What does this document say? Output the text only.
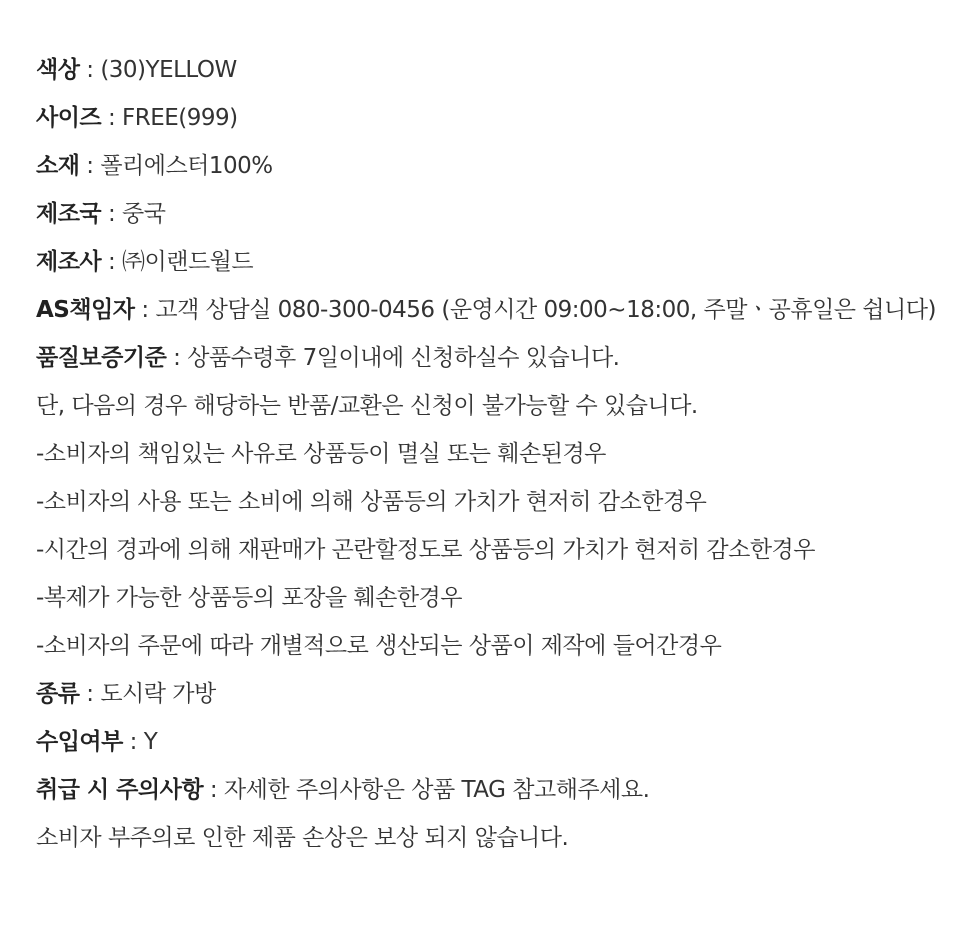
색상 : (30)YELLOW
사이즈 : FREE(999)
소재 : 폴리에스터100%
제조국 : 중국
제조사 : ㈜이랜드월드
AS책임자 : 고객 상담실 080-300-0456 (운영시간 09:00~18:00, 주말ㆍ공휴일은 쉽니다)
품질보증기준 : 상품수령후 7일이내에 신청하실수 있습니다.
단, 다음의 경우 해당하는 반품/교환은 신청이 불가능할 수 있습니다.
-소비자의 책임있는 사유로 상품등이 멸실 또는 훼손된경우
-소비자의 사용 또는 소비에 의해 상품등의 가치가 현저히 감소한경우
-시간의 경과에 의해 재판매가 곤란할정도로 상품등의 가치가 현저히 감소한경우
-복제가 가능한 상품등의 포장을 훼손한경우
-소비자의 주문에 따라 개별적으로 생산되는 상품이 제작에 들어간경우
종류 : 도시락 가방
수입여부 : Y
취급 시 주의사항 : 자세한 주의사항은 상품 TAG 참고해주세요.
소비자 부주의로 인한 제품 손상은 보상 되지 않습니다.
